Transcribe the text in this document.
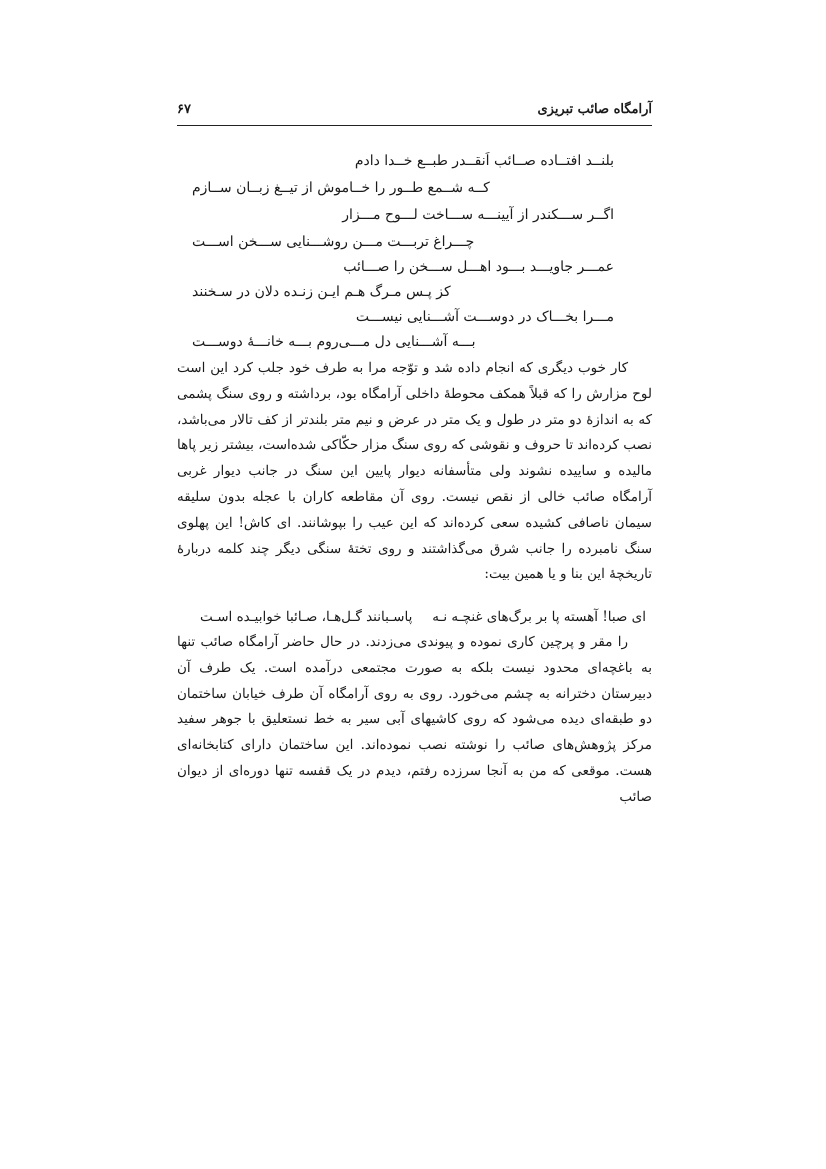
آرامگاه صائب تبریزی
۶۷
بلنــد افتــاده صــائب اَنقــدر طبــع خــدا دادم
کــه شــمع طــور را خــاموش از تیــغ زبــان ســازم
اگــر ســـکندر از آیینـــه ســـاخت لـــوح مـــزار
چـــراغ تربـــت مـــن روشـــنایی ســـخن اســـت
عمـــر جاویـــد بـــود اهـــل ســـخن را صـــائب
کز پـس مـرگ هـم ایـن زنـده دلان در سـخنند
مـــرا بخـــاک در دوســـت آشـــنایی نیســـت
بـــه آشـــنایی دل مـــی‌روم بـــه خانـــهٔ دوســـت

کار خوب دیگری که انجام داده شد و توّجه مرا به طرف خود جلب کرد این است لوح مزارش را که قبلاً همکف محوطهٔ داخلی آرامگاه بود، برداشته و روی سنگ پشمی که به اندازهٔ دو متر در طول و یک متر در عرض و نیم متر بلندتر از کف تالار می‌باشد، نصب کرده‌اند تا حروف و نقوشی که روی سنگ مزار حکّاکی شده‌است، بیشتر زیر پاها مالیده و ساییده نشوند ولی متأسفانه دیوار پایین این سنگ در جانب دیوار غربی آرامگاه صائب خالی از نقص نیست. روی آن مقاطعه کاران با عجله بدون سلیقه سیمان ناصافی کشیده سعی کرده‌اند که این عیب را بپوشانند. ای کاش! این پهلوی سنگ نامبرده را جانب شرق می‌گذاشتند و روی تختهٔ سنگی دیگر چند کلمه دربارهٔ تاریخچهٔ این بنا و یا همین بیت:

ای صبا! آهسته پا بر برگ‌های غنچـه نـه
پاسـبانند گـل‌هـا، صـائبا خوابیـده اسـت

را مقر و پرچین کاری نموده و پیوندی می‌زدند. در حال حاضر آرامگاه صائب تنها به باغچه‌ای محدود نیست بلکه به صورت مجتمعی درآمده است. یک طرف آن دبیرستان دخترانه به چشم می‌خورد. روی به روی آرامگاه آن طرف خیابان ساختمان دو طبقه‌ای دیده می‌شود که روی کاشیهای آبی سیر به خط نستعلیق با جوهر سفید مرکز پژوهش‌های صائب را نوشته نصب نموده‌اند. این ساختمان دارای کتابخانه‌ای هست. موقعی که من به آنجا سرزده رفتم، دیدم در یک قفسه تنها دوره‌ای از دیوان صائب
